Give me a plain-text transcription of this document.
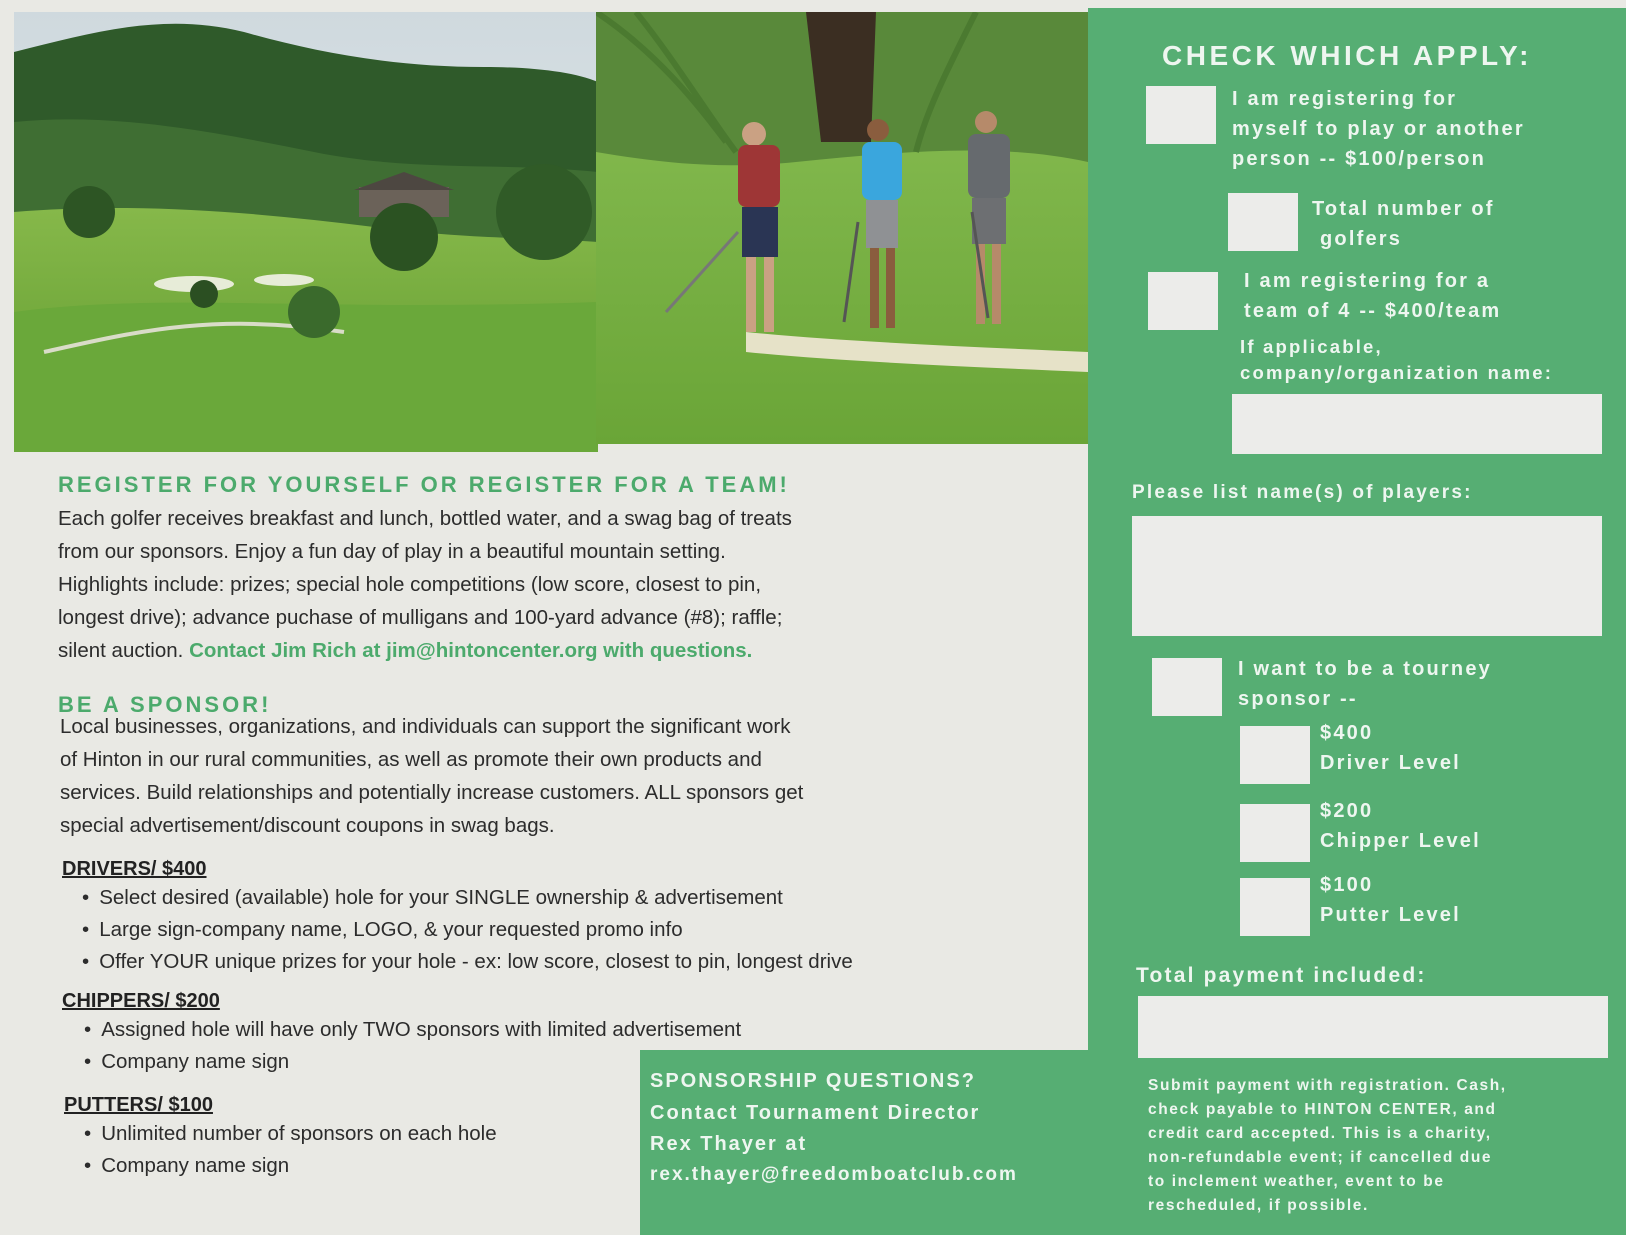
REGISTER FOR YOURSELF OR REGISTER FOR A TEAM!
Each golfer receives breakfast and lunch, bottled water, and a swag bag of treats
from our sponsors. Enjoy a fun day of play in a beautiful mountain setting.
Highlights include: prizes; special hole competitions (low score, closest to pin,
longest drive); advance puchase of mulligans and 100-yard advance (#8); raffle;
silent auction. Contact Jim Rich at jim@hintoncenter.org with questions.
BE A SPONSOR!
Local businesses, organizations, and individuals can support the significant work
of Hinton in our rural communities, as well as promote their own products and
services. Build relationships and potentially increase customers. ALL sponsors get
special advertisement/discount coupons in swag bags.
DRIVERS/ $400
• Select desired (available) hole for your SINGLE ownership & advertisement
• Large sign-company name, LOGO, & your requested promo info
• Offer YOUR unique prizes for your hole - ex: low score, closest to pin, longest drive
CHIPPERS/ $200
• Assigned hole will have only TWO sponsors with limited advertisement
• Company name sign
PUTTERS/ $100
• Unlimited number of sponsors on each hole
• Company name sign
SPONSORSHIP QUESTIONS?
Contact Tournament Director
Rex Thayer at
rex.thayer@freedomboatclub.com
CHECK WHICH APPLY:
I am registering for
myself to play or another
person -- $100/person
Total number of
golfers
I am registering for a
team of 4 -- $400/team
If applicable,
company/organization name:
Please list name(s) of players:
I want to be a tourney
sponsor --
$400
Driver Level
$200
Chipper Level
$100
Putter Level
Total payment included:
Submit payment with registration. Cash,
check payable to HINTON CENTER, and
credit card accepted. This is a charity,
non-refundable event; if cancelled due
to inclement weather, event to be
rescheduled, if possible.
